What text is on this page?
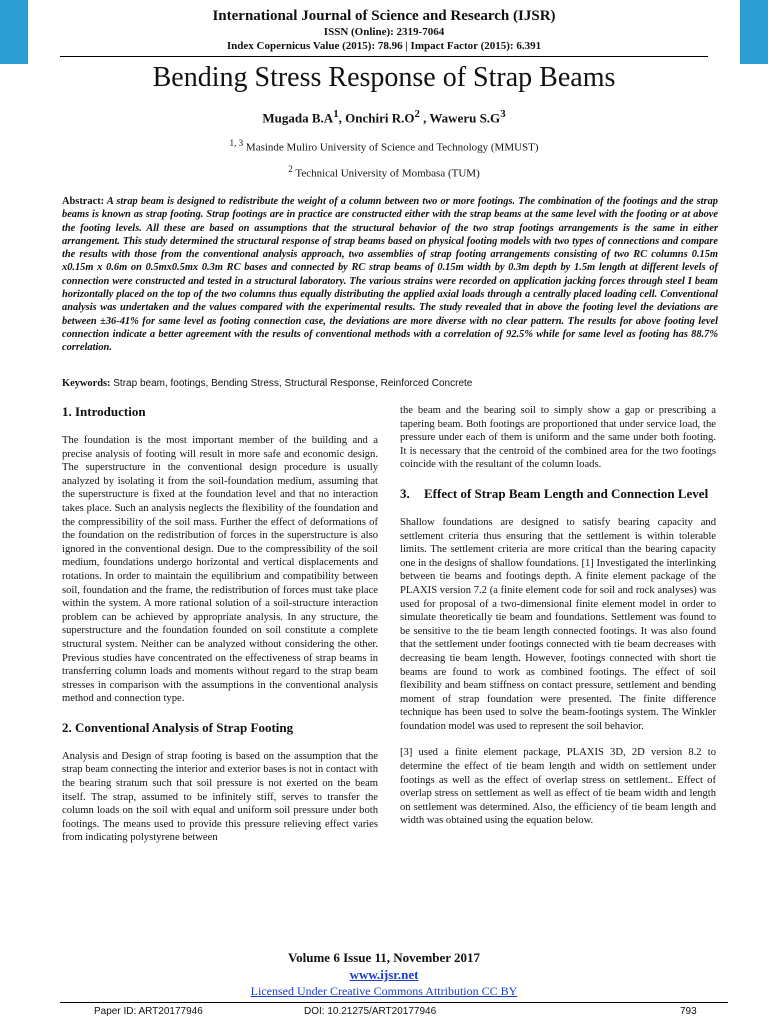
International Journal of Science and Research (IJSR)
ISSN (Online): 2319-7064
Index Copernicus Value (2015): 78.96 | Impact Factor (2015): 6.391
Bending Stress Response of Strap Beams
Mugada $B.A^1$, Onchiri $R.O^2$ , Waweru $S.G^3$
$^{1, 3}$ Masinde Muliro University of Science and Technology (MMUST)
$^2$ Technical University of Mombasa (TUM)
Abstract: A strap beam is designed to redistribute the weight of a column between two or more footings. The combination of the footings and the strap beams is known as strap footing. Strap footings are in practice are constructed either with the strap beams at the same level with the footing or at above the footing levels. All these are based on assumptions that the structural behavior of the two strap footings arrangements is the same in either arrangement. This study determined the structural response of strap beams based on physical footing models with two types of connections and compare the results with those from the conventional analysis approach, two assemblies of strap footing arrangements consisting of two RC columns 0.15m x0.15m x 0.6m on 0.5mx0.5mx 0.3m RC bases and connected by RC strap beams of 0.15m width by 0.3m depth by 1.5m length at different levels of connection were constructed and tested in a structural laboratory. The various strains were recorded on application jacking forces through steel I beam horizontally placed on the top of the two columns thus equally distributing the applied axial loads through a centrally placed loading cell. Conventional analysis was undertaken and the values compared with the experimental results. The study revealed that in above the footing level the deviations are between ±36-41% for same level as footing connection case, the deviations are more diverse with no clear pattern. The results for above footing level connection indicate a better agreement with the results of conventional methods with a correlation of 92.5% while for same level as footing has 88.7% correlation.
Keywords: Strap beam, footings, Bending Stress, Structural Response, Reinforced Concrete
1. Introduction

The foundation is the most important member of the building and a precise analysis of footing will result in more safe and economic design. The superstructure in the conventional design procedure is usually analyzed by isolating it from the soil-foundation medium, assuming that the superstructure is fixed at the foundation level and that no interaction takes place. Such an analysis neglects the flexibility of the foundation and the compressibility of the soil mass. Further the effect of deformations of the foundation on the redistribution of forces in the superstructure is also ignored in the conventional design. Due to the compressibility of the soil medium, foundations undergo horizontal and vertical displacements and rotations. In order to maintain the equilibrium and compatibility between soil, foundation and the frame, the redistribution of forces must take place within the system. A more rational solution of a soil-structure interaction problem can be achieved by appropriate analysis. In any structure, the superstructure and the foundation founded on soil constitute a complete structural system. Neither can be analyzed without considering the other. Previous studies have concentrated on the effectiveness of strap beams in transferring column loads and moments without regard to the strap beam stresses in comparison with the assumptions in the conventional analysis method and connection type.

2. Conventional Analysis of Strap Footing

Analysis and Design of strap footing is based on the assumption that the strap beam connecting the interior and exterior bases is not in contact with the bearing stratum such that soil pressure is not exerted on the beam itself. The strap, assumed to be infinitely stiff, serves to transfer the column loads on the soil with equal and uniform soil pressure under both footings. The means used to provide this pressure relieving effect varies from indicating polystyrene between

the beam and the bearing soil to simply show a gap or prescribing a tapering beam. Both footings are proportioned that under service load, the pressure under each of them is uniform and the same under both footing. It is necessary that the centroid of the combined area for the two footings coincide with the resultant of the column loads.

3.	Effect of Strap Beam Length and Connection Level

Shallow foundations are designed to satisfy bearing capacity and settlement criteria thus ensuring that the settlement is within tolerable limits. The settlement criteria are more critical than the bearing capacity one in the designs of shallow foundations. [1] Investigated the interlinking between tie beams and footings depth. A finite element package of the PLAXIS version 7.2 (a finite element code for soil and rock analyses) was used for proposal of a two-dimensional finite element model in order to simulate theoretically tie beam and foundations. Settlement was found to be sensitive to the tie beam length connected footings. It was also found that the settlement under footings connected with tie beam decreases with decreasing tie beam length. However, footings connected with short tie beams are found to work as combined footings. The effect of soil flexibility and beam stiffness on contact pressure, settlement and bending moment of strap foundation were presented. The finite difference technique has been used to solve the beam-footings system. The Winkler foundation model was used to represent the soil behavior.

[3] used a finite element package, PLAXIS 3D, 2D version 8.2 to determine the effect of tie beam length and width on settlement under footings as well as the effect of overlap stress on settlement.. Effect of overlap stress on settlement as well as effect of tie beam width and length on settlement was determined. Also, the efficiency of tie beam length and width was obtained using the equation below.

Volume 6 Issue 11, November 2017
www.ijsr.net
Licensed Under Creative Commons Attribution CC BY
Paper ID: ART20177946	DOI: 10.21275/ART20177946	793
